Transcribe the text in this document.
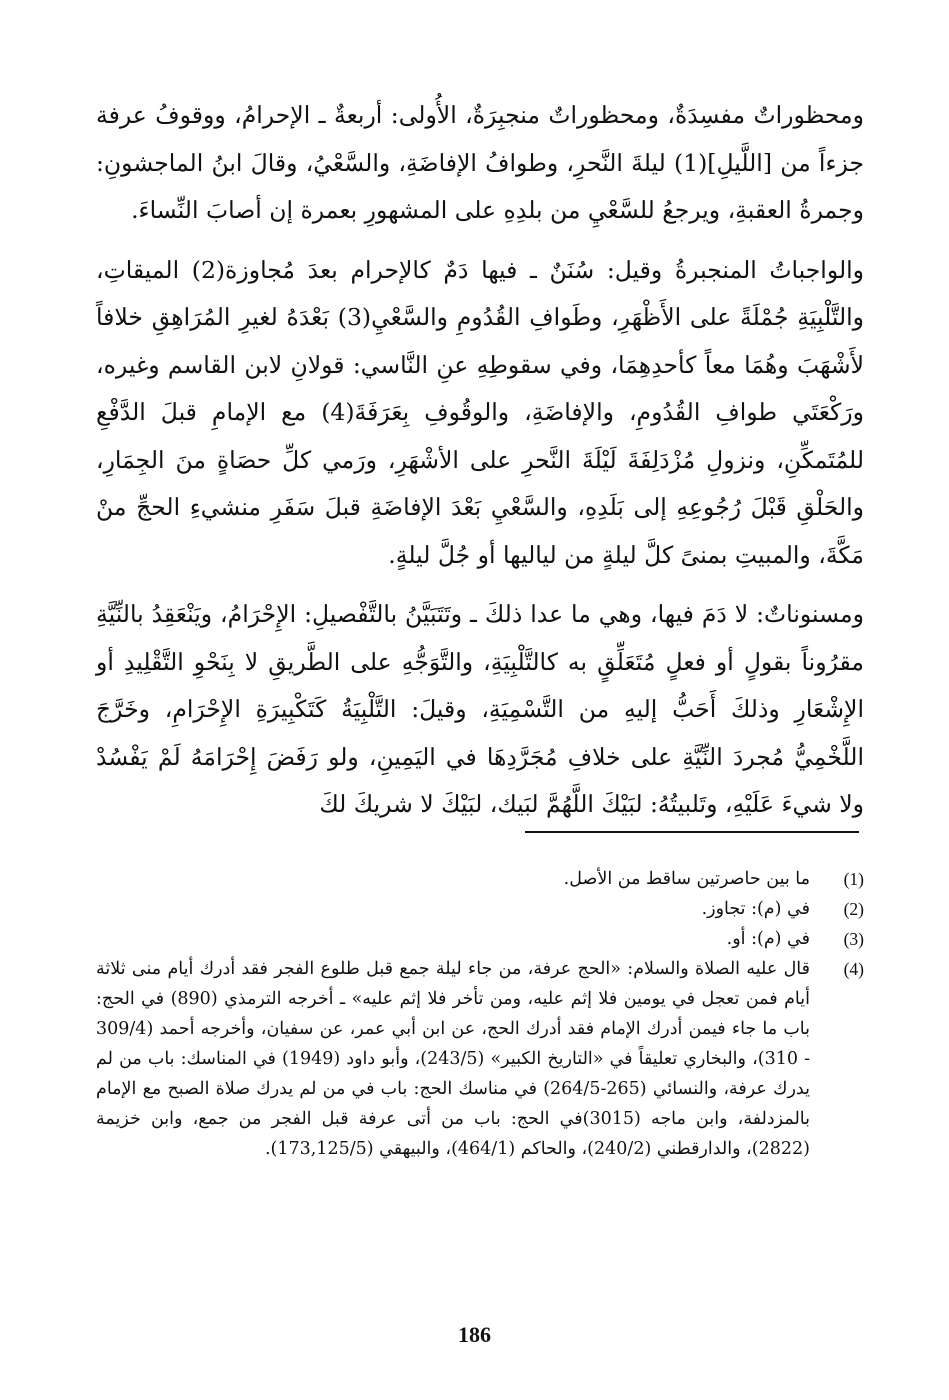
ومحظوراتٌ مفسِدَةٌ، ومحظوراتٌ منجبِرَةٌ، الأُولى: أربعةٌ ـ الإحرامُ، ووقوفُ عرفة جزءاً من [اللَّيلِ](1) ليلةَ النَّحرِ، وطوافُ الإفاضَةِ، والسَّعْيُ، وقالَ ابنُ الماجشونِ: وجمرةُ العقبةِ، ويرجعُ للسَّعْيِ من بلدِهِ على المشهورِ بعمرة إن أصابَ النِّساءَ.

والواجباتُ المنجبرةُ وقيل: سُنَنٌ ـ فيها دَمٌ كالإحرام بعدَ مُجاوزة(2) الميقاتِ، والتَّلْبِيَةِ جُمْلَةً على الأَظْهَرِ، وطَوافِ القُدُومِ والسَّعْيِ(3) بَعْدَهُ لغيرِ المُرَاهِقِ خلافاً لأَشْهَبَ وهُمَا معاً كأحدِهِمَا، وفي سقوطِهِ عنِ النَّاسي: قولانِ لابن القاسم وغيره، ورَكْعَتَي طوافِ القُدُومِ، والإفاضَةِ، والوقُوفِ بِعَرَفَةَ(4) مع الإمامِ قبلَ الدَّفْعِ للمُتَمكِّنِ، ونزولِ مُزْدَلِفَةَ لَيْلَةَ النَّحرِ على الأشْهَرِ، ورَمي كلِّ حصَاةٍ منَ الجِمَارِ، والحَلْقِ قَبْلَ رُجُوعِهِ إلى بَلَدِهِ، والسَّعْيِ بَعْدَ الإفاضَةِ قبلَ سَفَرِ منشيءِ الحجِّ منْ مَكَّةَ، والمبيتِ بمنىً كلَّ ليلةٍ من لياليها أو جُلَّ ليلةٍ.

ومسنوناتٌ: لا دَمَ فيها، وهي ما عدا ذلكَ ـ وتَتَبَيَّنُ بالتَّفْصيلِ: الإِحْرَامُ، ويَنْعَقِدُ بالنِّيَّةِ مقرُوناً بقولٍ أو فعلٍ مُتَعَلِّقٍ به كالتَّلْبِيَةِ، والتَّوَجُّهِ على الطَّريقِ لا بِنَحْوِ التَّقْلِيدِ أو الإِشْعَارِ وذلكَ أَحَبُّ إليهِ من التَّسْمِيَةِ، وقيلَ: التَّلْبِيَةُ كَتَكْبِيرَةِ الإِحْرَامِ، وخَرَّجَ اللَّخْمِيُّ مُجردَ النِّيَّةِ على خلافِ مُجَرَّدِهَا في اليَمِينِ، ولو رَفَضَ إِحْرَامَهُ لَمْ يَفْسُدْ ولا شيءَ عَلَيْهِ، وتَلبيتُهُ: لبَيْكَ اللَّهُمَّ لبَيك، لبَيْكَ لا شريكَ لكَ

(1)
ما بين حاصرتين ساقط من الأصل.
(2)
في (م): تجاوز.
(3)
في (م): أو.
(4)
قال عليه الصلاة والسلام: «الحج عرفة، من جاء ليلة جمع قبل طلوع الفجر فقد أدرك أيام منى ثلاثة أيام فمن تعجل في يومين فلا إثم عليه، ومن تأخر فلا إثم عليه» ـ أخرجه الترمذي (890) في الحج: باب ما جاء فيمن أدرك الإمام فقد أدرك الحج، عن ابن أبي عمر، عن سفيان، وأخرجه أحمد (309/4 - 310)، والبخاري تعليقاً في «التاريخ الكبير» (243/5)، وأبو داود (1949) في المناسك: باب من لم يدرك عرفة، والنسائي (265-264/5) في مناسك الحج: باب في من لم يدرك صلاة الصبح مع الإمام بالمزدلفة، وابن ماجه (3015)في الحج: باب من أتى عرفة قبل الفجر من جمع، وابن خزيمة (2822)، والدارقطني (240/2)، والحاكم (464/1)، والبيهقي (173,125/5).
186
